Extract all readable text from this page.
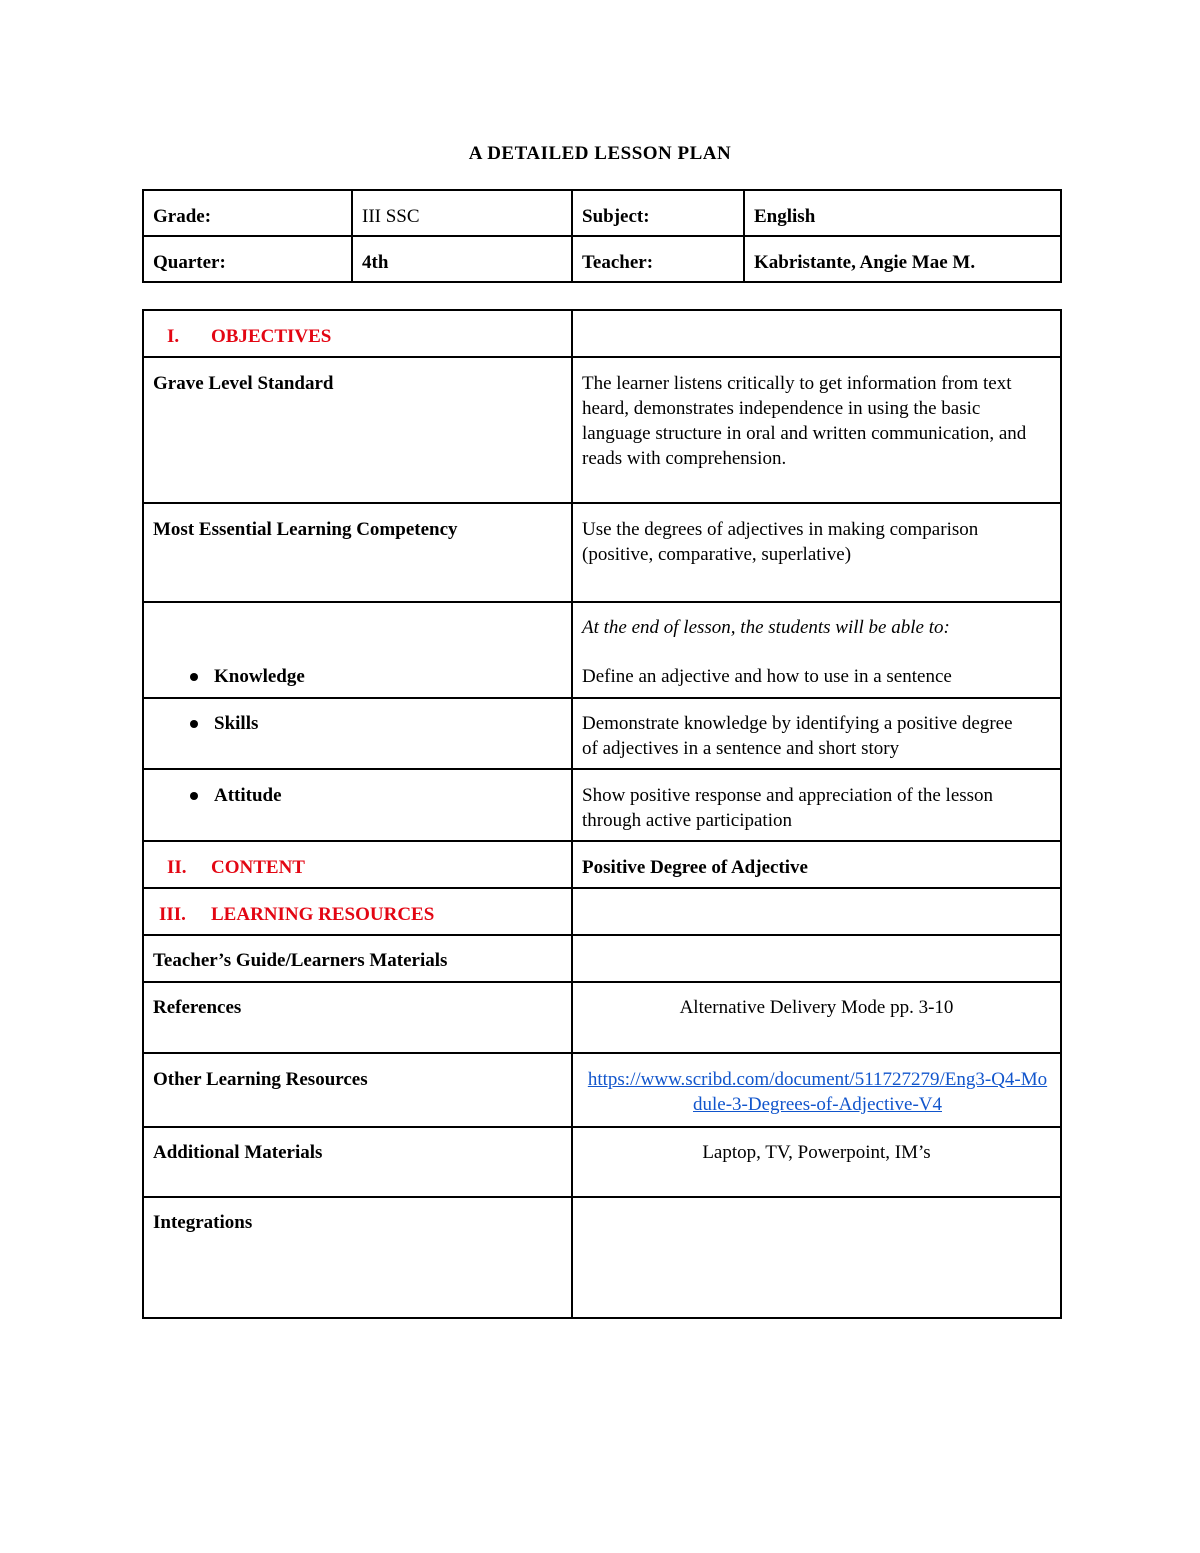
A DETAILED LESSON PLAN
Grade:	III SSC	Subject:	English
Quarter:	4th	Teacher:	Kabristante, Angie Mae M.
I. OBJECTIVES	
Grave Level Standard	The learner listens critically to get information from text heard, demonstrates independence in using the basic language structure in oral and written communication, and reads with comprehension.
Most Essential Learning Competency	Use the degrees of adjectives in making comparison (positive, comparative, superlative)

Knowledge	At the end of lesson, the students will be able to:
Define an adjective and how to use in a sentence

Skills	Demonstrate knowledge by identifying a positive degree of adjectives in a sentence and short story

Attitude	Show positive response and appreciation of the lesson through active participation
II. CONTENT	Positive Degree of Adjective
III. LEARNING RESOURCES	
Teacher’s Guide/Learners Materials	
References	Alternative Delivery Mode pp. 3-10
Other Learning Resources	https://www.scribd.com/document/511727279/Eng3-Q4-Module-3-Degrees-of-Adjective-V4
Additional Materials	Laptop, TV, Powerpoint, IM’s
Integrations	
